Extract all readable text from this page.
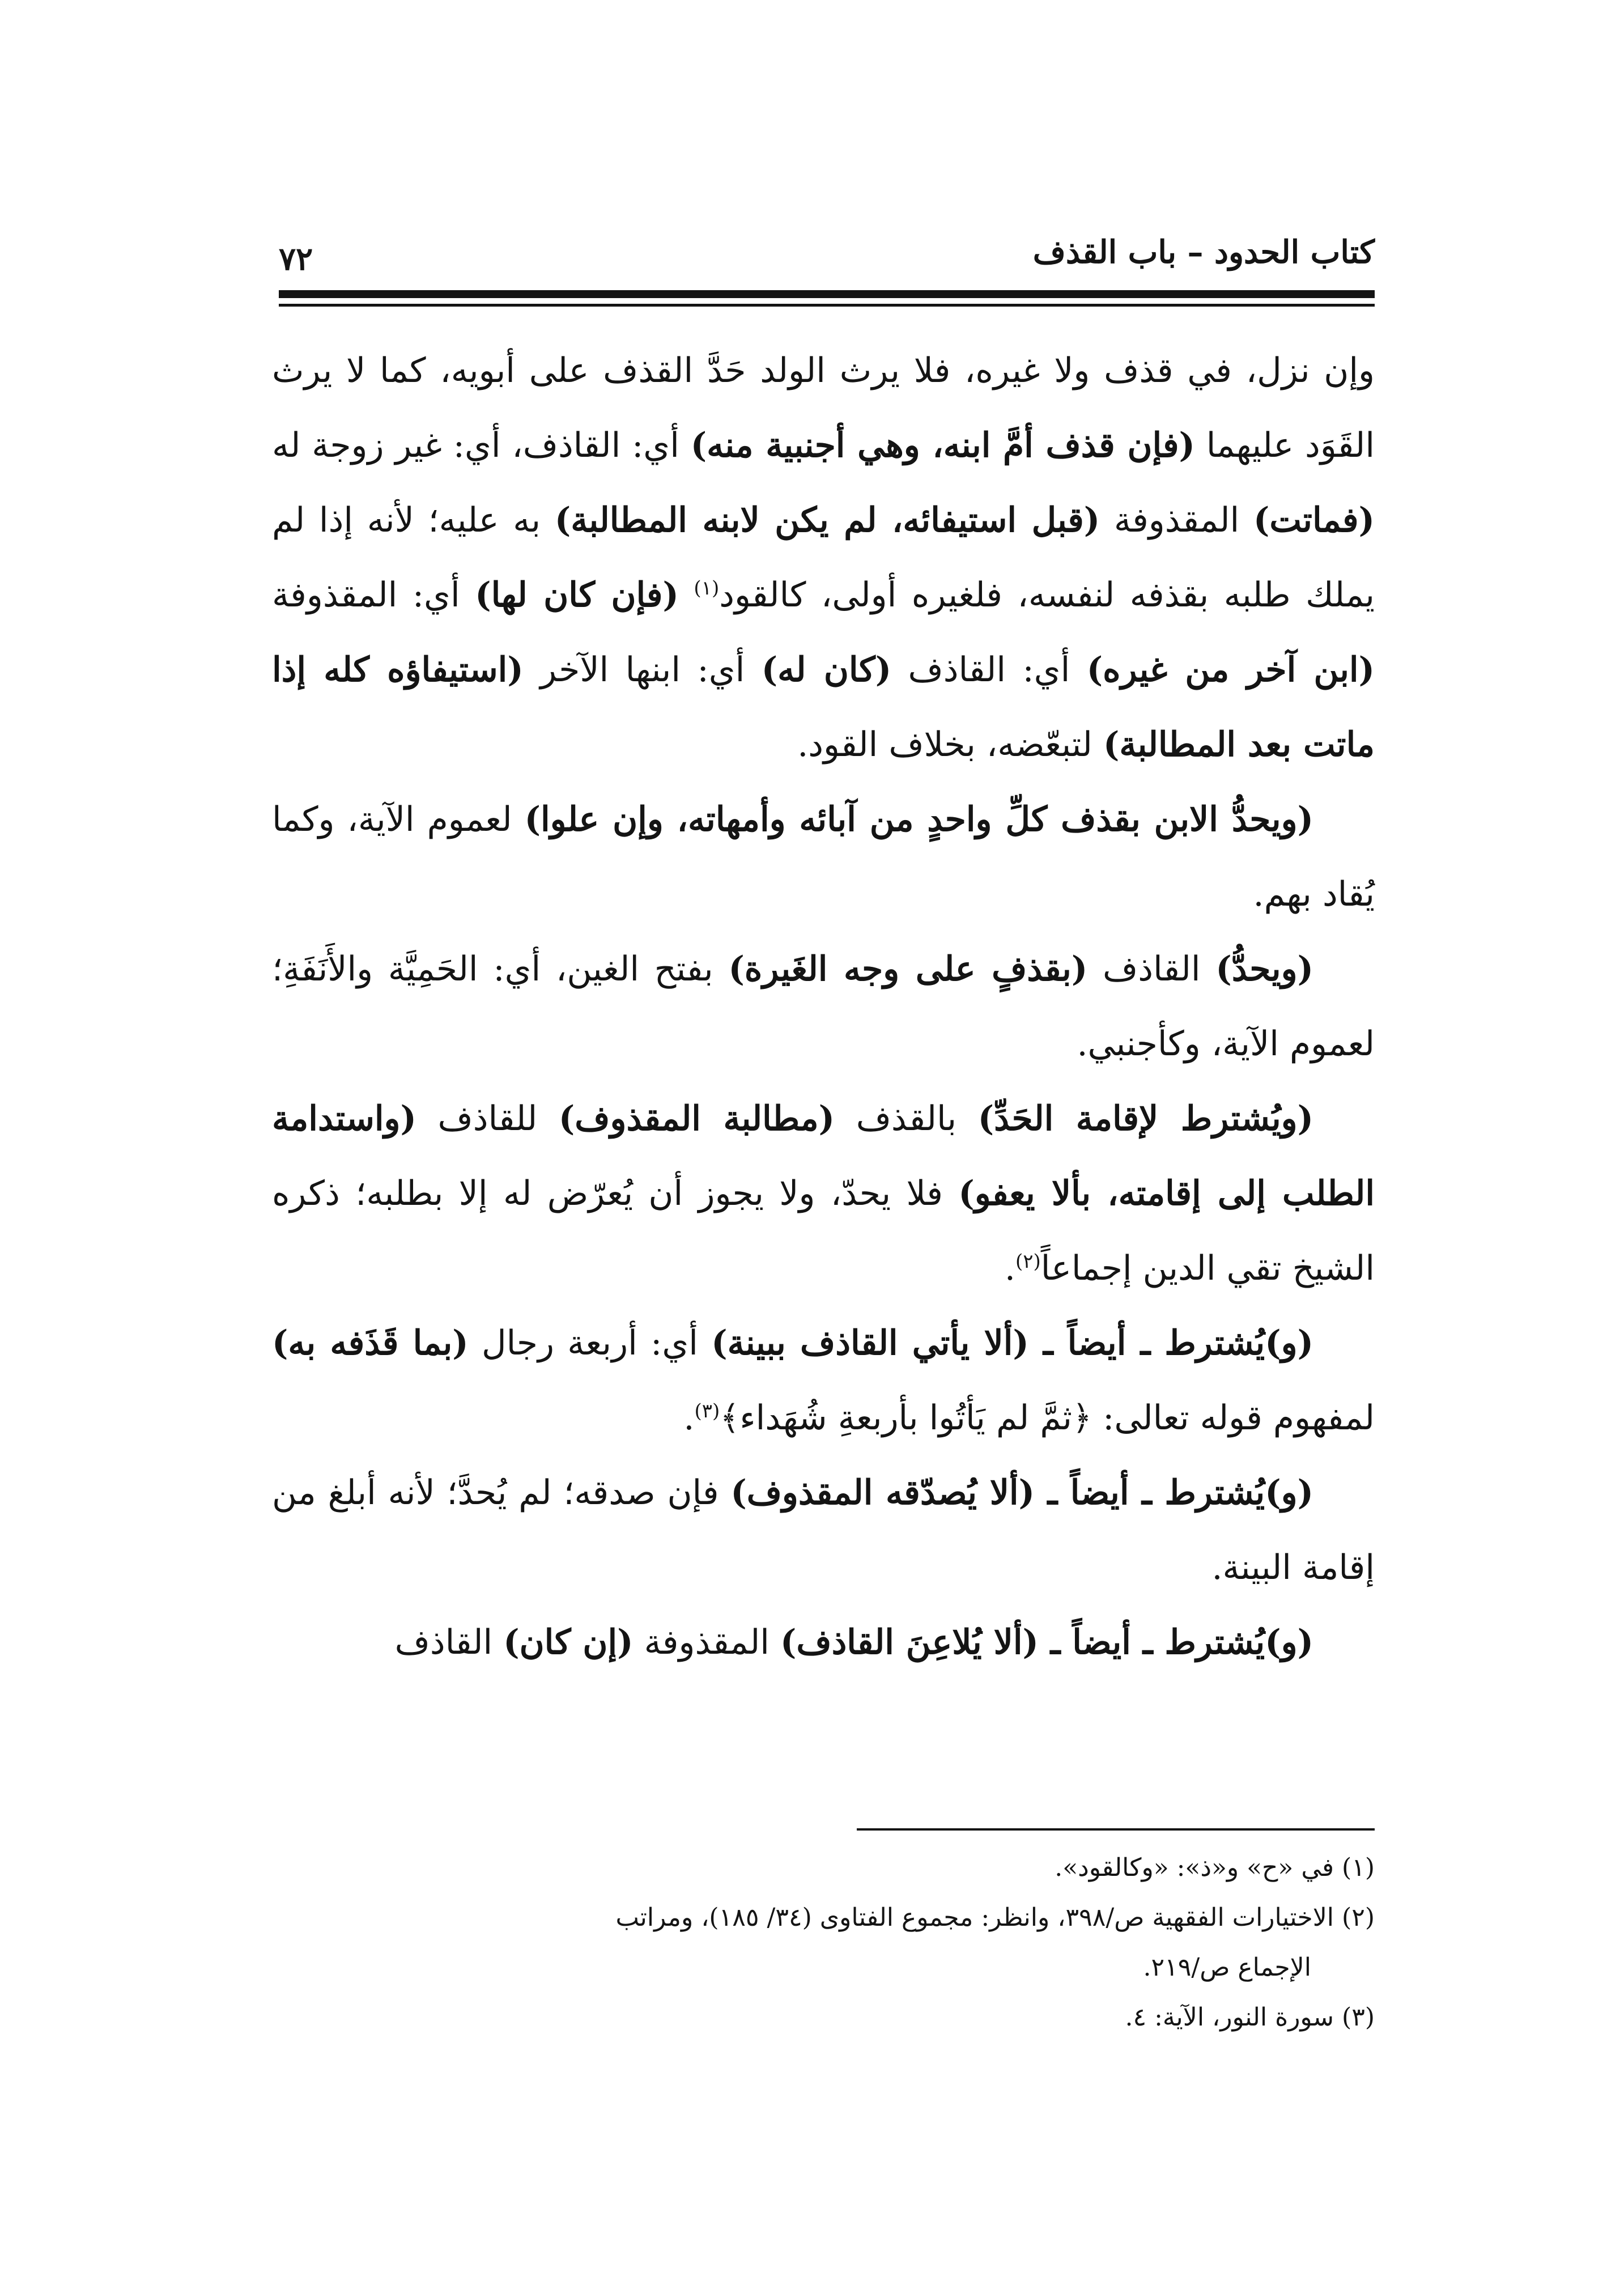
كتاب الحدود – باب القذف
٧٢

وإن نزل، في قذف ولا غيره، فلا يرث الولد حَدَّ القذف على أبويه، كما لا يرث القَوَد عليهما (فإن قذف أمَّ ابنه، وهي أجنبية منه) أي: القاذف، أي: غير زوجة له (فماتت) المقذوفة (قبل استيفائه، لم يكن لابنه المطالبة) به عليه؛ لأنه إذا لم يملك طلبه بقذفه لنفسه، فلغيره أولى، كالقود$^{(١)}$ (فإن كان لها) أي: المقذوفة (ابن آخر من غيره) أي: القاذف (كان له) أي: ابنها الآخر (استيفاؤه كله إذا ماتت بعد المطالبة) لتبعّضه، بخلاف القود.

(ويحدُّ الابن بقذف كلِّ واحدٍ من آبائه وأمهاته، وإن علوا) لعموم الآية، وكما يُقاد بهم.

(ويحدُّ) القاذف (بقذفٍ على وجه الغَيرة) بفتح الغين، أي: الحَمِيَّة والأَنَفَةِ؛ لعموم الآية، وكأجنبي.

(ويُشترط لإقامة الحَدِّ) بالقذف (مطالبة المقذوف) للقاذف (واستدامة الطلب إلى إقامته، بألا يعفو) فلا يحدّ، ولا يجوز أن يُعرّض له إلا بطلبه؛ ذكره الشيخ تقي الدين إجماعاً$^{(٢)}$.

(و)يُشترط ـ أيضاً ـ (ألا يأتي القاذف ببينة) أي: أربعة رجال (بما قَذَفه به) لمفهوم قوله تعالى: ﴿ثمَّ لم يَأتُوا بأربعةِ شُهَداء﴾$^{(٣)}$.

(و)يُشترط ـ أيضاً ـ (ألا يُصدّقه المقذوف) فإن صدقه؛ لم يُحدَّ؛ لأنه أبلغ من إقامة البينة.

(و)يُشترط ـ أيضاً ـ (ألا يُلاعِنَ القاذف) المقذوفة (إن كان) القاذف

(١) في «ح» و«ذ»: «وكالقود».

(٢) الاختيارات الفقهية ص/٣٩٨، وانظر: مجموع الفتاوى (٣٤/ ١٨٥)، ومراتب

الإجماع ص/٢١٩.

(٣) سورة النور، الآية: ٤.
